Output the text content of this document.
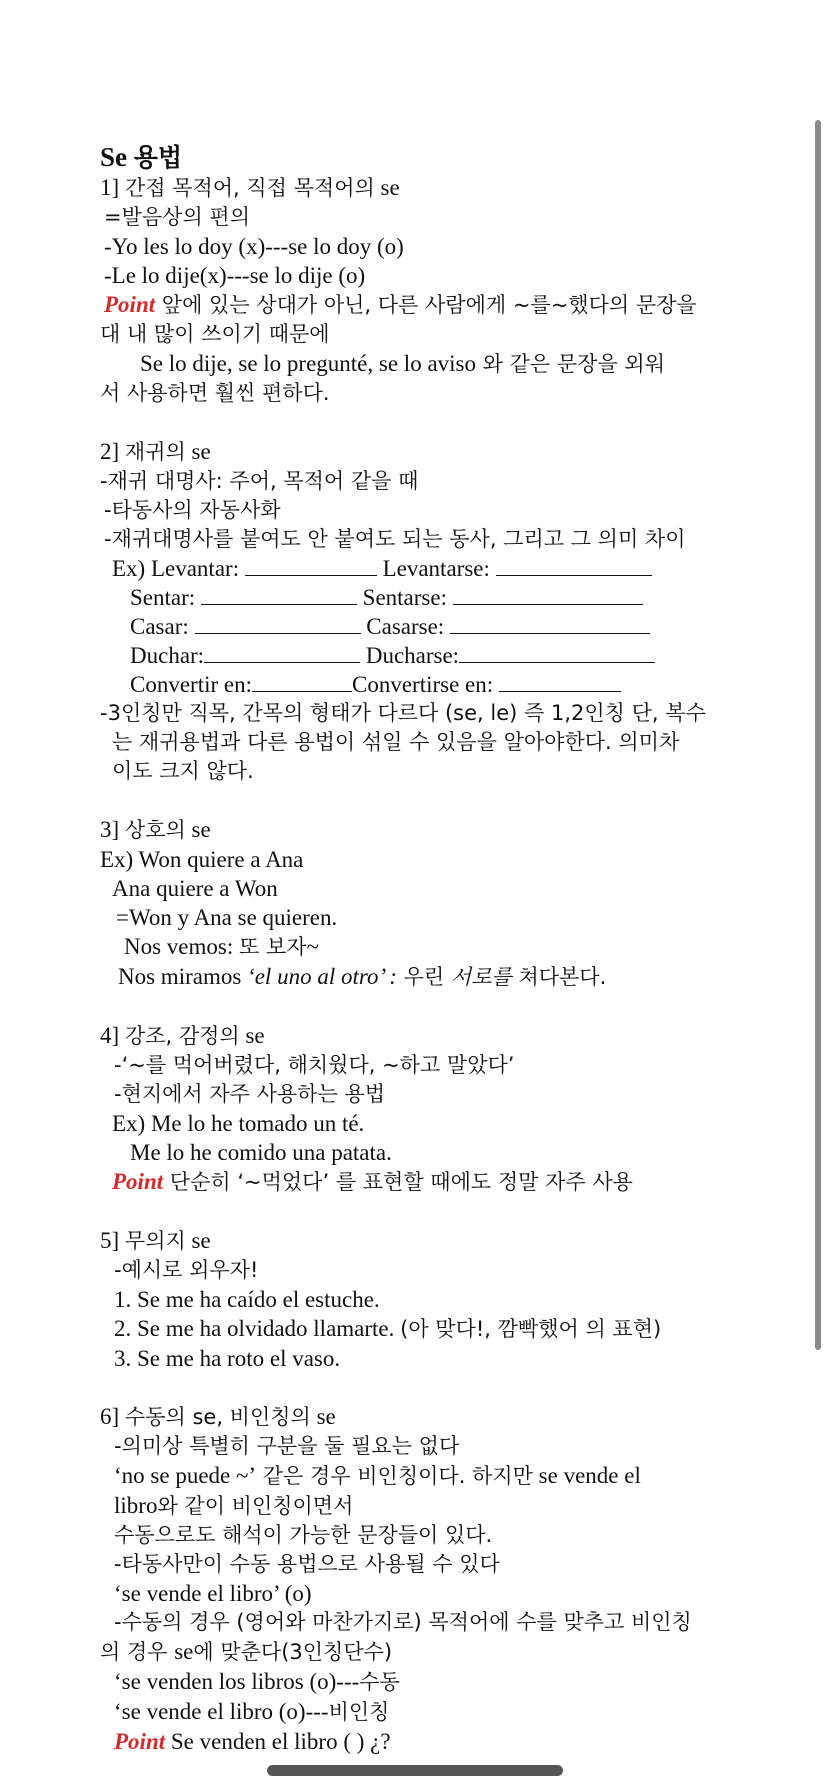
Se 용법
1] 간접 목적어, 직접 목적어의 se
=발음상의 편의
-Yo les lo doy (x)---se lo doy (o)
-Le lo dije(x)---se lo dije (o)
Point 앞에 있는 상대가 아닌, 다른 사람에게 ~를~했다의 문장을
대 내 많이 쓰이기 때문에
Se lo dije, se lo pregunté, se lo aviso 와 같은 문장을 외워
서 사용하면 훨씬 편하다.
2] 재귀의 se
-재귀 대명사: 주어, 목적어 같을 때
-타동사의 자동사화
-재귀대명사를 붙여도 안 붙여도 되는 동사, 그리고 그 의미 차이
Ex) Levantar:	Levantarse:
Sentar:	Sentarse:
Casar:	Casarse:
Duchar:	Ducharse:
Convertir en:	Convertirse en:
-3인칭만 직목, 간목의 형태가 다르다 (se, le) 즉 1,2인칭 단, 복수
는 재귀용법과 다른 용법이 섞일 수 있음을 알아야한다. 의미차
이도 크지 않다.
3] 상호의 se
Ex) Won quiere a Ana
Ana quiere a Won
=Won y Ana se quieren.
Nos vemos: 또 보자~
Nos miramos ‘el uno al otro’ : 우린 서로를 쳐다본다.
4] 강조, 감정의 se
-‘~를 먹어버렸다, 해치웠다, ~하고 말았다’
-현지에서 자주 사용하는 용법
Ex) Me lo he tomado un té.
Me lo he comido una patata.
Point 단순히 ‘~먹었다’ 를 표현할 때에도 정말 자주 사용
5] 무의지 se
-예시로 외우자!
1. Se me ha caído el estuche.
2. Se me ha olvidado llamarte. (아 맞다!, 깜빡했어 의 표현)
3. Se me ha roto el vaso.
6] 수동의 se, 비인칭의 se
-의미상 특별히 구분을 둘 필요는 없다
‘no se puede ~’ 같은 경우 비인칭이다. 하지만 se vende el
libro와 같이 비인칭이면서
수동으로도 해석이 가능한 문장들이 있다.
-타동사만이 수동 용법으로 사용될 수 있다
‘se vende el libro’ (o)
-수동의 경우 (영어와 마찬가지로) 목적어에 수를 맞추고 비인칭
의 경우 se에 맞춘다(3인칭단수)
‘se venden los libros (o)---수동
‘se vende el libro (o)---비인칭
Point Se venden el libro ( ) ¿?
